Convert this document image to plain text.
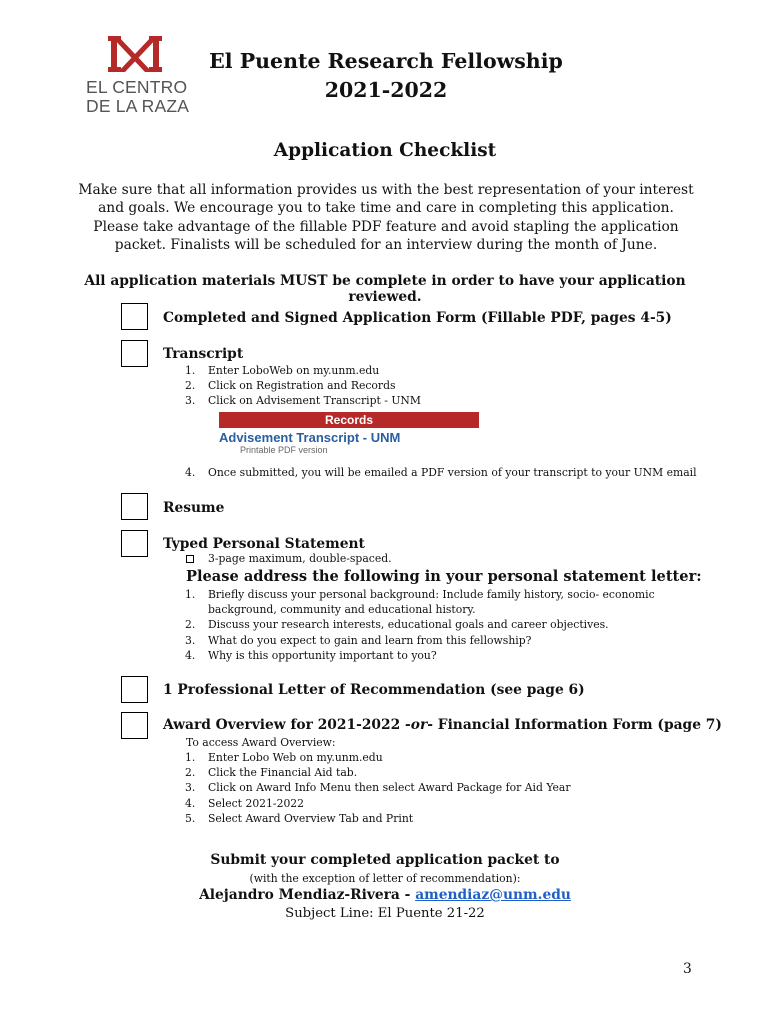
EL CENTRO
DE LA RAZA
El Puente Research Fellowship
2021-2022
Application Checklist
Make sure that all information provides us with the best representation of your interest and goals. We encourage you to take time and care in completing this application. Please take advantage of the fillable PDF feature and avoid stapling the application packet. Finalists will be scheduled for an interview during the month of June.
All application materials MUST be complete in order to have your application reviewed.
Completed and Signed Application Form (Fillable PDF, pages 4-5)
Transcript
1.	Enter LoboWeb on my.unm.edu
2.	Click on Registration and Records
3.	Click on Advisement Transcript - UNM
Records
Advisement Transcript - UNM
Printable PDF version
4.	Once submitted, you will be emailed a PDF version of your transcript to your UNM email
Resume
Typed Personal Statement
3-page maximum, double-spaced.
Please address the following in your personal statement letter:
1.	Briefly discuss your personal background: Include family history, socio- economic
background, community and educational history.
2.	Discuss your research interests, educational goals and career objectives.
3.	What do you expect to gain and learn from this fellowship?
4.	Why is this opportunity important to you?
1 Professional Letter of Recommendation (see page 6)
Award Overview for 2021-2022 -or- Financial Information Form (page 7)
To access Award Overview:
1.	Enter Lobo Web on my.unm.edu
2.	Click the Financial Aid tab.
3.	Click on Award Info Menu then select Award Package for Aid Year
4.	Select 2021-2022
5.	Select Award Overview Tab and Print
Submit your completed application packet to
(with the exception of letter of recommendation):
Alejandro Mendiaz-Rivera - amendiaz@unm.edu
Subject Line: El Puente 21-22
3
